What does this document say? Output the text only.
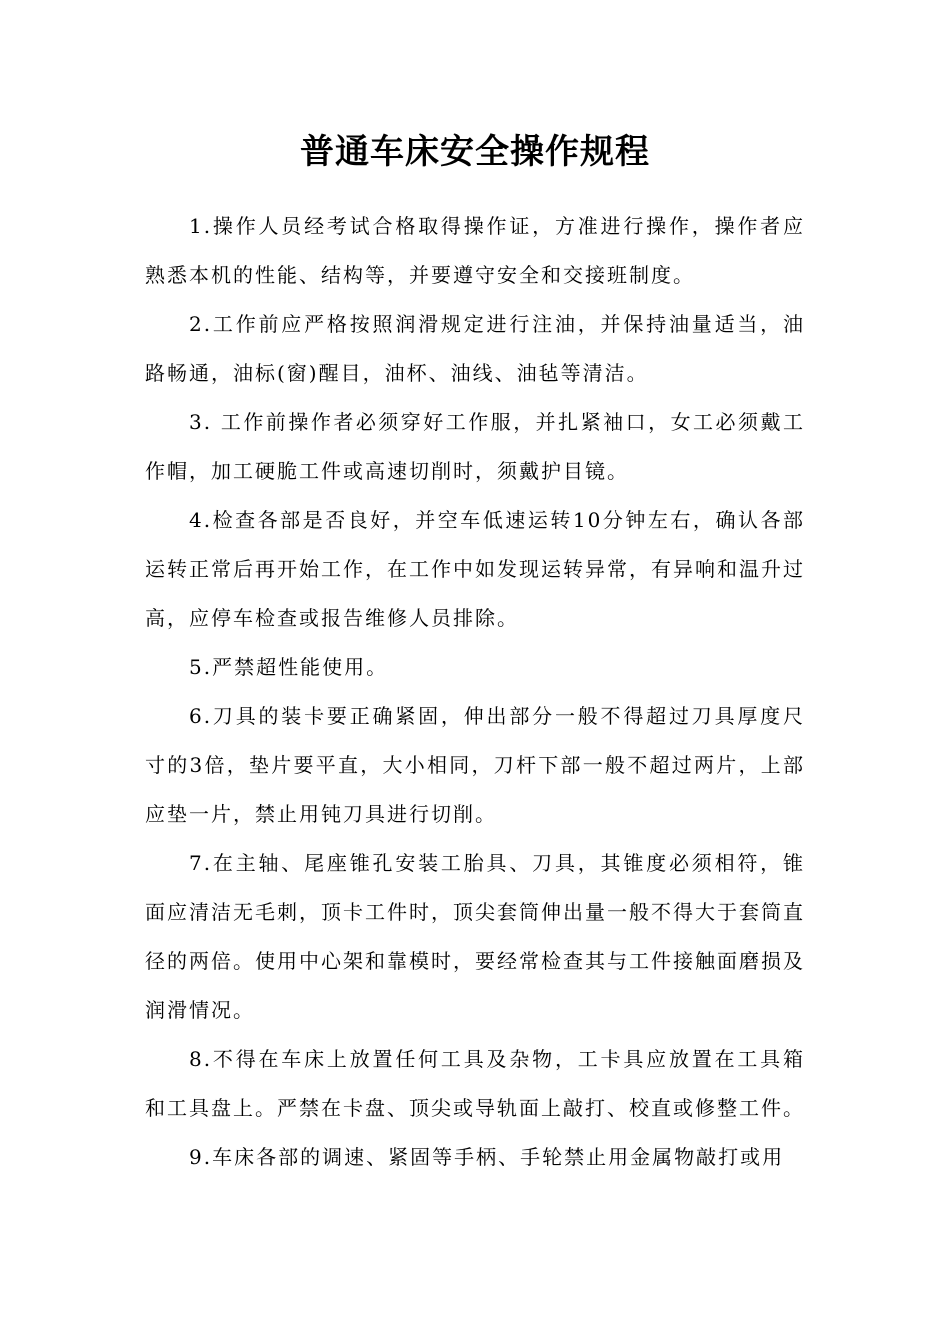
普通车床安全操作规程

1.操作人员经考试合格取得操作证，方准进行操作，操作者应熟悉本机的性能、结构等，并要遵守安全和交接班制度。

2.工作前应严格按照润滑规定进行注油，并保持油量适当，油路畅通，油标(窗)醒目，油杯、油线、油毡等清洁。

3. 工作前操作者必须穿好工作服，并扎紧袖口，女工必须戴工作帽，加工硬脆工件或高速切削时，须戴护目镜。

4.检查各部是否良好，并空车低速运转10分钟左右，确认各部运转正常后再开始工作，在工作中如发现运转异常，有异响和温升过高，应停车检查或报告维修人员排除。

5.严禁超性能使用。

6.刀具的装卡要正确紧固，伸出部分一般不得超过刀具厚度尺寸的3倍，垫片要平直，大小相同，刀杆下部一般不超过两片，上部应垫一片，禁止用钝刀具进行切削。

7.在主轴、尾座锥孔安装工胎具、刀具，其锥度必须相符，锥面应清洁无毛刺，顶卡工件时，顶尖套筒伸出量一般不得大于套筒直径的两倍。使用中心架和靠模时，要经常检查其与工件接触面磨损及润滑情况。

8.不得在车床上放置任何工具及杂物，工卡具应放置在工具箱和工具盘上。严禁在卡盘、顶尖或导轨面上敲打、校直或修整工件。

9.车床各部的调速、紧固等手柄、手轮禁止用金属物敲打或用
